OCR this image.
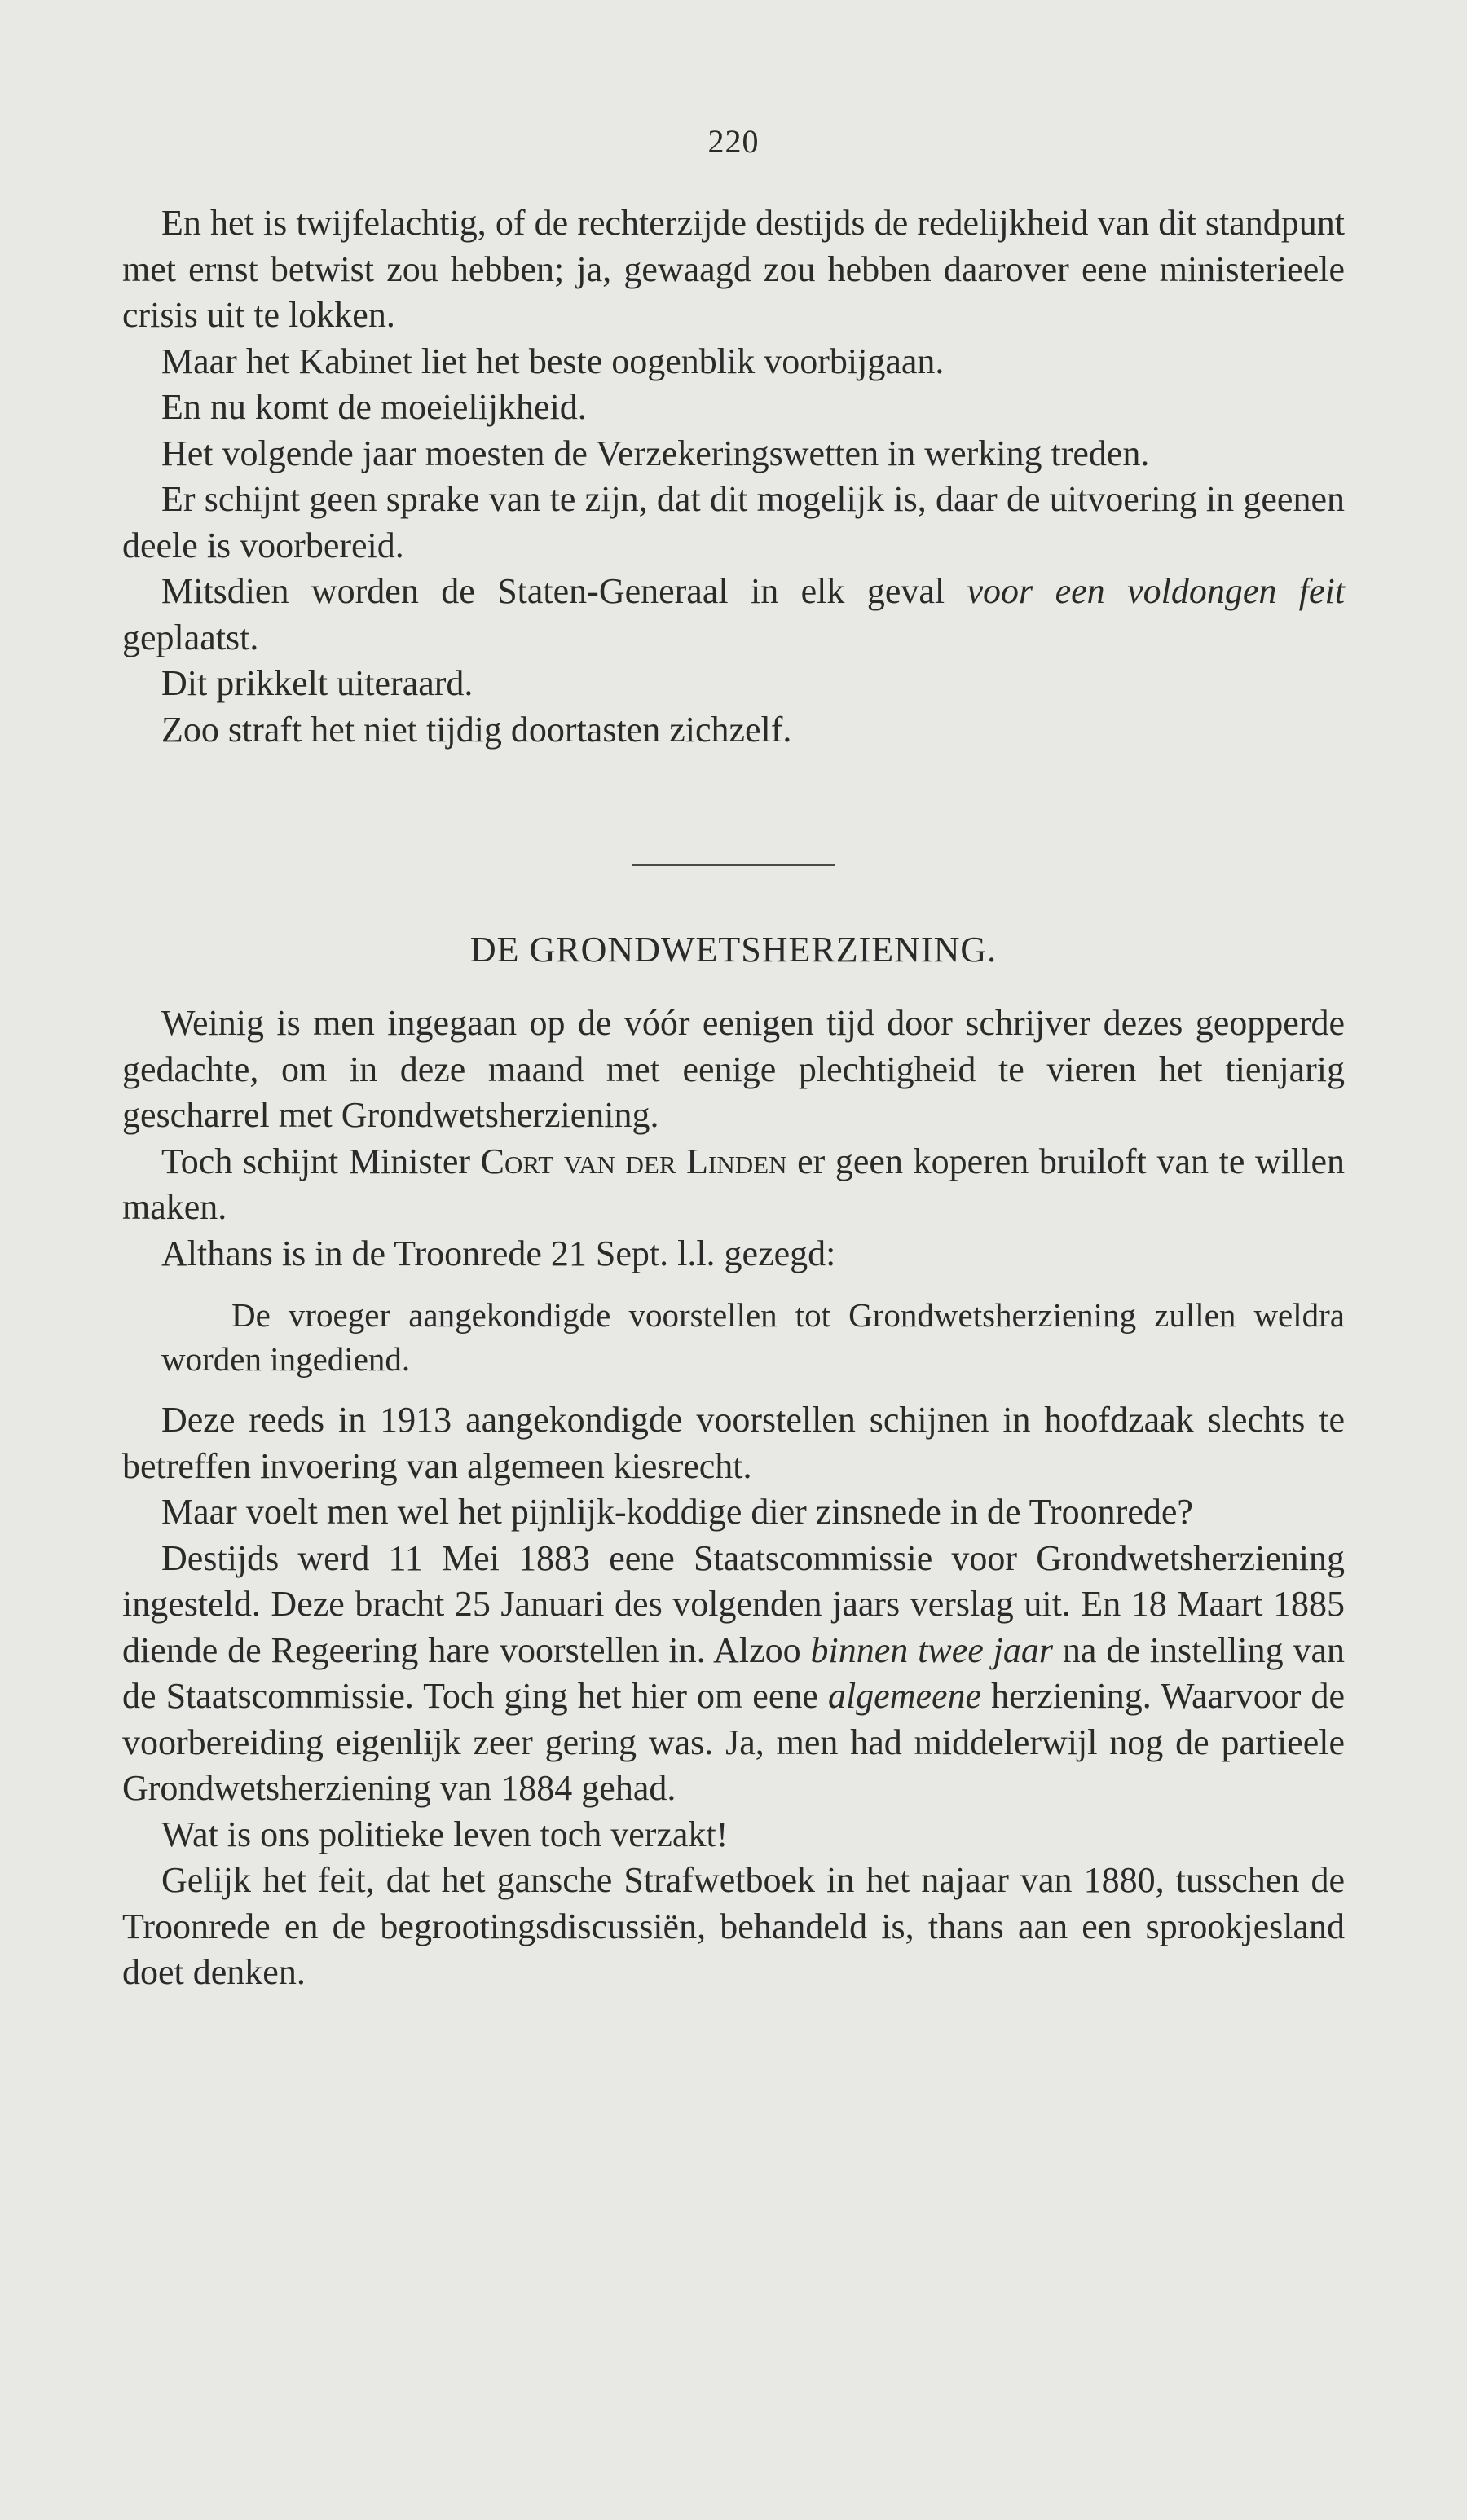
220

En het is twijfelachtig, of de rechterzijde destijds de redelijkheid van dit standpunt met ernst betwist zou hebben; ja, gewaagd zou hebben daarover eene ministerieele crisis uit te lokken.

Maar het Kabinet liet het beste oogenblik voorbijgaan.

En nu komt de moeielijkheid.

Het volgende jaar moesten de Verzekeringswetten in werking treden.

Er schijnt geen sprake van te zijn, dat dit mogelijk is, daar de uitvoering in geenen deele is voorbereid.

Mitsdien worden de Staten-Generaal in elk geval voor een voldongen feit geplaatst.

Dit prikkelt uiteraard.

Zoo straft het niet tijdig doortasten zichzelf.

DE GRONDWETSHERZIENING.

Weinig is men ingegaan op de vóór eenigen tijd door schrijver dezes geopperde gedachte, om in deze maand met eenige plechtigheid te vieren het tienjarig gescharrel met Grondwetsherziening.

Toch schijnt Minister Cort van der Linden er geen koperen bruiloft van te willen maken.

Althans is in de Troonrede 21 Sept. l.l. gezegd:

De vroeger aangekondigde voorstellen tot Grondwetsherziening zullen weldra worden ingediend.

Deze reeds in 1913 aangekondigde voorstellen schijnen in hoofdzaak slechts te betreffen invoering van algemeen kiesrecht.

Maar voelt men wel het pijnlijk-koddige dier zinsnede in de Troonrede?

Destijds werd 11 Mei 1883 eene Staatscommissie voor Grondwetsherziening ingesteld. Deze bracht 25 Januari des volgenden jaars verslag uit. En 18 Maart 1885 diende de Regeering hare voorstellen in. Alzoo binnen twee jaar na de instelling van de Staatscommissie. Toch ging het hier om eene algemeene herziening. Waarvoor de voorbereiding eigenlijk zeer gering was. Ja, men had middelerwijl nog de partieele Grondwetsherziening van 1884 gehad.

Wat is ons politieke leven toch verzakt!

Gelijk het feit, dat het gansche Strafwetboek in het najaar van 1880, tusschen de Troonrede en de begrootingsdiscussiën, behandeld is, thans aan een sprookjesland doet denken.
